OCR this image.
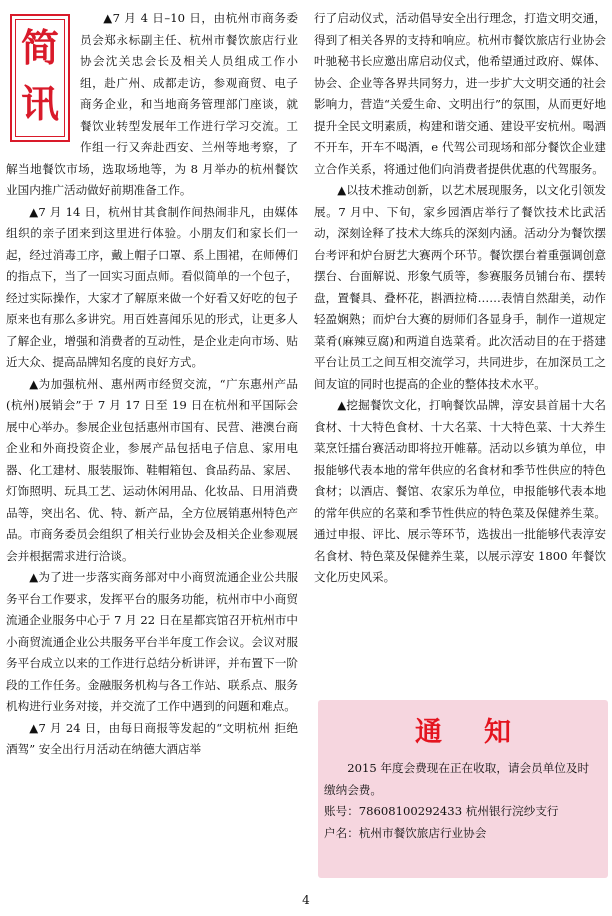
简
讯

▲7 月 4 日–10 日，由杭州市商务委员会郑永标副主任、杭州市餐饮旅店行业协会沈关忠会长及相关人员组成工作小组，赴广州、成都走访，参观商贸、电子商务企业，和当地商务管理部门座谈，就餐饮业转型发展年工作进行学习交流。工作组一行又奔赴西安、兰州等地考察，了解当地餐饮市场，选取场地等，为 8 月举办的杭州餐饮业国内推广活动做好前期准备工作。

▲7 月 14 日，杭州甘其食制作间热闹非凡，由媒体组织的亲子团来到这里进行体验。小朋友们和家长们一起，经过消毒工序，戴上帽子口罩、系上围裙，在师傅们的指点下，当了一回实习面点师。看似简单的一个包子，经过实际操作，大家才了解原来做一个好看又好吃的包子原来也有那么多讲究。用百姓喜闻乐见的形式，让更多人了解企业，增强和消费者的互动性，是企业走向市场、贴近大众、提高品牌知名度的良好方式。

▲为加强杭州、惠州两市经贸交流，“广东惠州产品(杭州)展销会”于 7 月 17 日至 19 日在杭州和平国际会展中心举办。参展企业包括惠州市国有、民营、港澳台商企业和外商投资企业，参展产品包括电子信息、家用电器、化工建材、服装服饰、鞋帽箱包、食品药品、家居、灯饰照明、玩具工艺、运动休闲用品、化妆品、日用消费品等，突出名、优、特、新产品，全方位展销惠州特色产品。市商务委员会组织了相关行业协会及相关企业参观展会并根据需求进行洽谈。

▲为了进一步落实商务部对中小商贸流通企业公共服务平台工作要求，发挥平台的服务功能，杭州市中小商贸流通企业服务中心于 7 月 22 日在星都宾馆召开杭州市中小商贸流通企业公共服务平台半年度工作会议。会议对服务平台成立以来的工作进行总结分析讲评，并布置下一阶段的工作任务。金融服务机构与各工作站、联系点、服务机构进行业务对接，并交流了工作中遇到的问题和难点。

▲7 月 24 日，由每日商报等发起的“文明杭州 拒绝酒驾” 安全出行月活动在纳德大酒店举

行了启动仪式，活动倡导安全出行理念，打造文明交通，得到了相关各界的支持和响应。杭州市餐饮旅店行业协会叶驰秘书长应邀出席启动仪式，他希望通过政府、媒体、协会、企业等各界共同努力，进一步扩大文明交通的社会影响力，营造“关爱生命、文明出行”的氛围，从而更好地提升全民文明素质，构建和谐交通、建设平安杭州。喝酒不开车，开车不喝酒，e 代驾公司现场和部分餐饮企业建立合作关系，将通过他们向消费者提供优惠的代驾服务。

▲以技术推动创新，以艺术展现服务，以文化引领发展。7 月中、下旬，家乡园酒店举行了餐饮技术比武活动，深刻诠释了技术大练兵的深刻内涵。活动分为餐饮摆台考评和炉台厨艺大赛两个环节。餐饮摆台着重强调创意摆台、台面解说、形象气质等，参赛服务员铺台布、摆转盘，置餐具、叠杯花，斟酒拉椅……表情自然甜美，动作轻盈娴熟；而炉台大赛的厨师们各显身手，制作一道规定菜肴(麻辣豆腐)和两道自选菜肴。此次活动目的在于搭建平台让员工之间互相交流学习，共同进步，在加深员工之间友谊的同时也提高的企业的整体技术水平。

▲挖掘餐饮文化，打响餐饮品牌，淳安县首届十大名食材、十大特色食材、十大名菜、十大特色菜、十大养生菜烹饪擂台赛活动即将拉开帷幕。活动以乡镇为单位，申报能够代表本地的常年供应的名食材和季节性供应的特色食材；以酒店、餐馆、农家乐为单位，申报能够代表本地的常年供应的名菜和季节性供应的特色菜及保健养生菜。通过申报、评比、展示等环节，选拔出一批能够代表淳安名食材、特色菜及保健养生菜，以展示淳安 1800 年餐饮文化历史风采。

通知

2015 年度会费现在正在收取，请会员单位及时缴纳会费。

账号：78608100292433 杭州银行浣纱支行

户名：杭州市餐饮旅店行业协会

4
